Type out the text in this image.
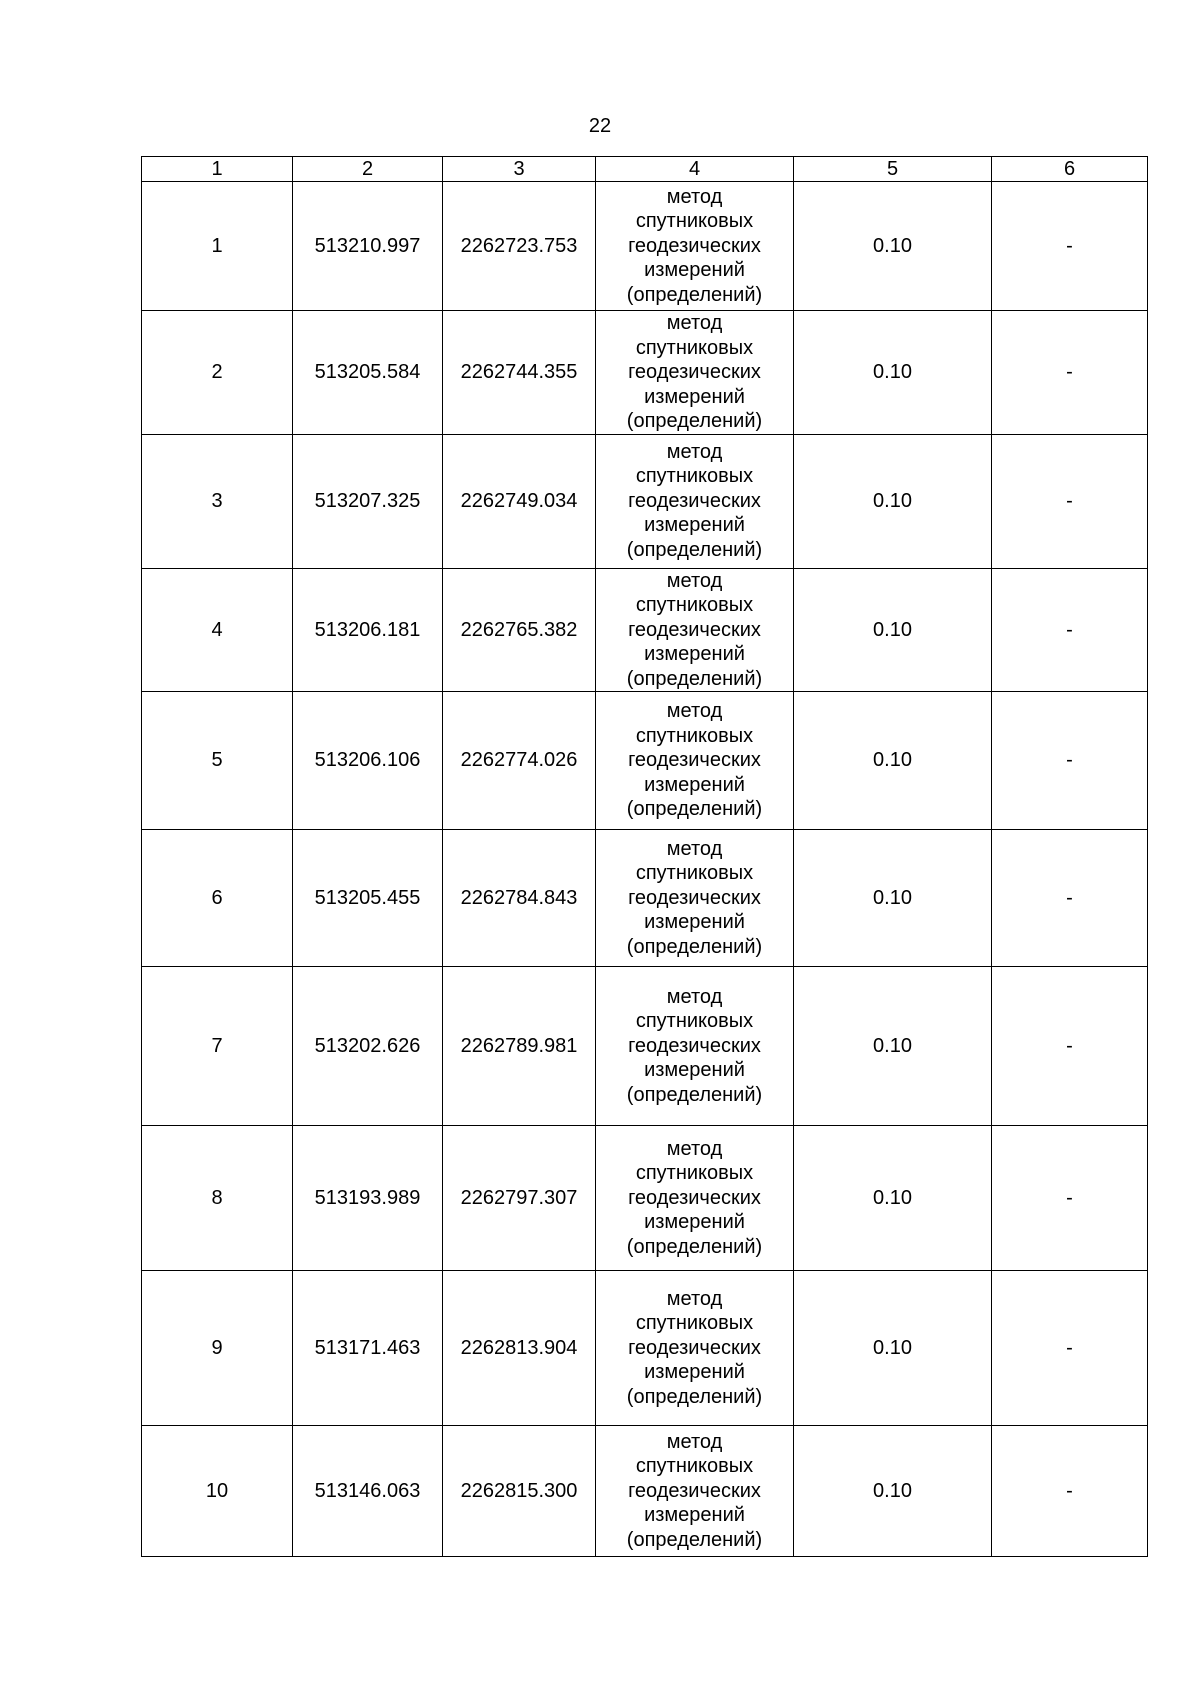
22
1	2	3	4	5	6
1	513210.997	2262723.753	метод
спутниковых
геодезических
измерений
(определений)	0.10	-
2	513205.584	2262744.355	метод
спутниковых
геодезических
измерений
(определений)	0.10	-
3	513207.325	2262749.034	метод
спутниковых
геодезических
измерений
(определений)	0.10	-
4	513206.181	2262765.382	метод
спутниковых
геодезических
измерений
(определений)	0.10	-
5	513206.106	2262774.026	метод
спутниковых
геодезических
измерений
(определений)	0.10	-
6	513205.455	2262784.843	метод
спутниковых
геодезических
измерений
(определений)	0.10	-
7	513202.626	2262789.981	метод
спутниковых
геодезических
измерений
(определений)	0.10	-
8	513193.989	2262797.307	метод
спутниковых
геодезических
измерений
(определений)	0.10	-
9	513171.463	2262813.904	метод
спутниковых
геодезических
измерений
(определений)	0.10	-
10	513146.063	2262815.300	метод
спутниковых
геодезических
измерений
(определений)	0.10	-
